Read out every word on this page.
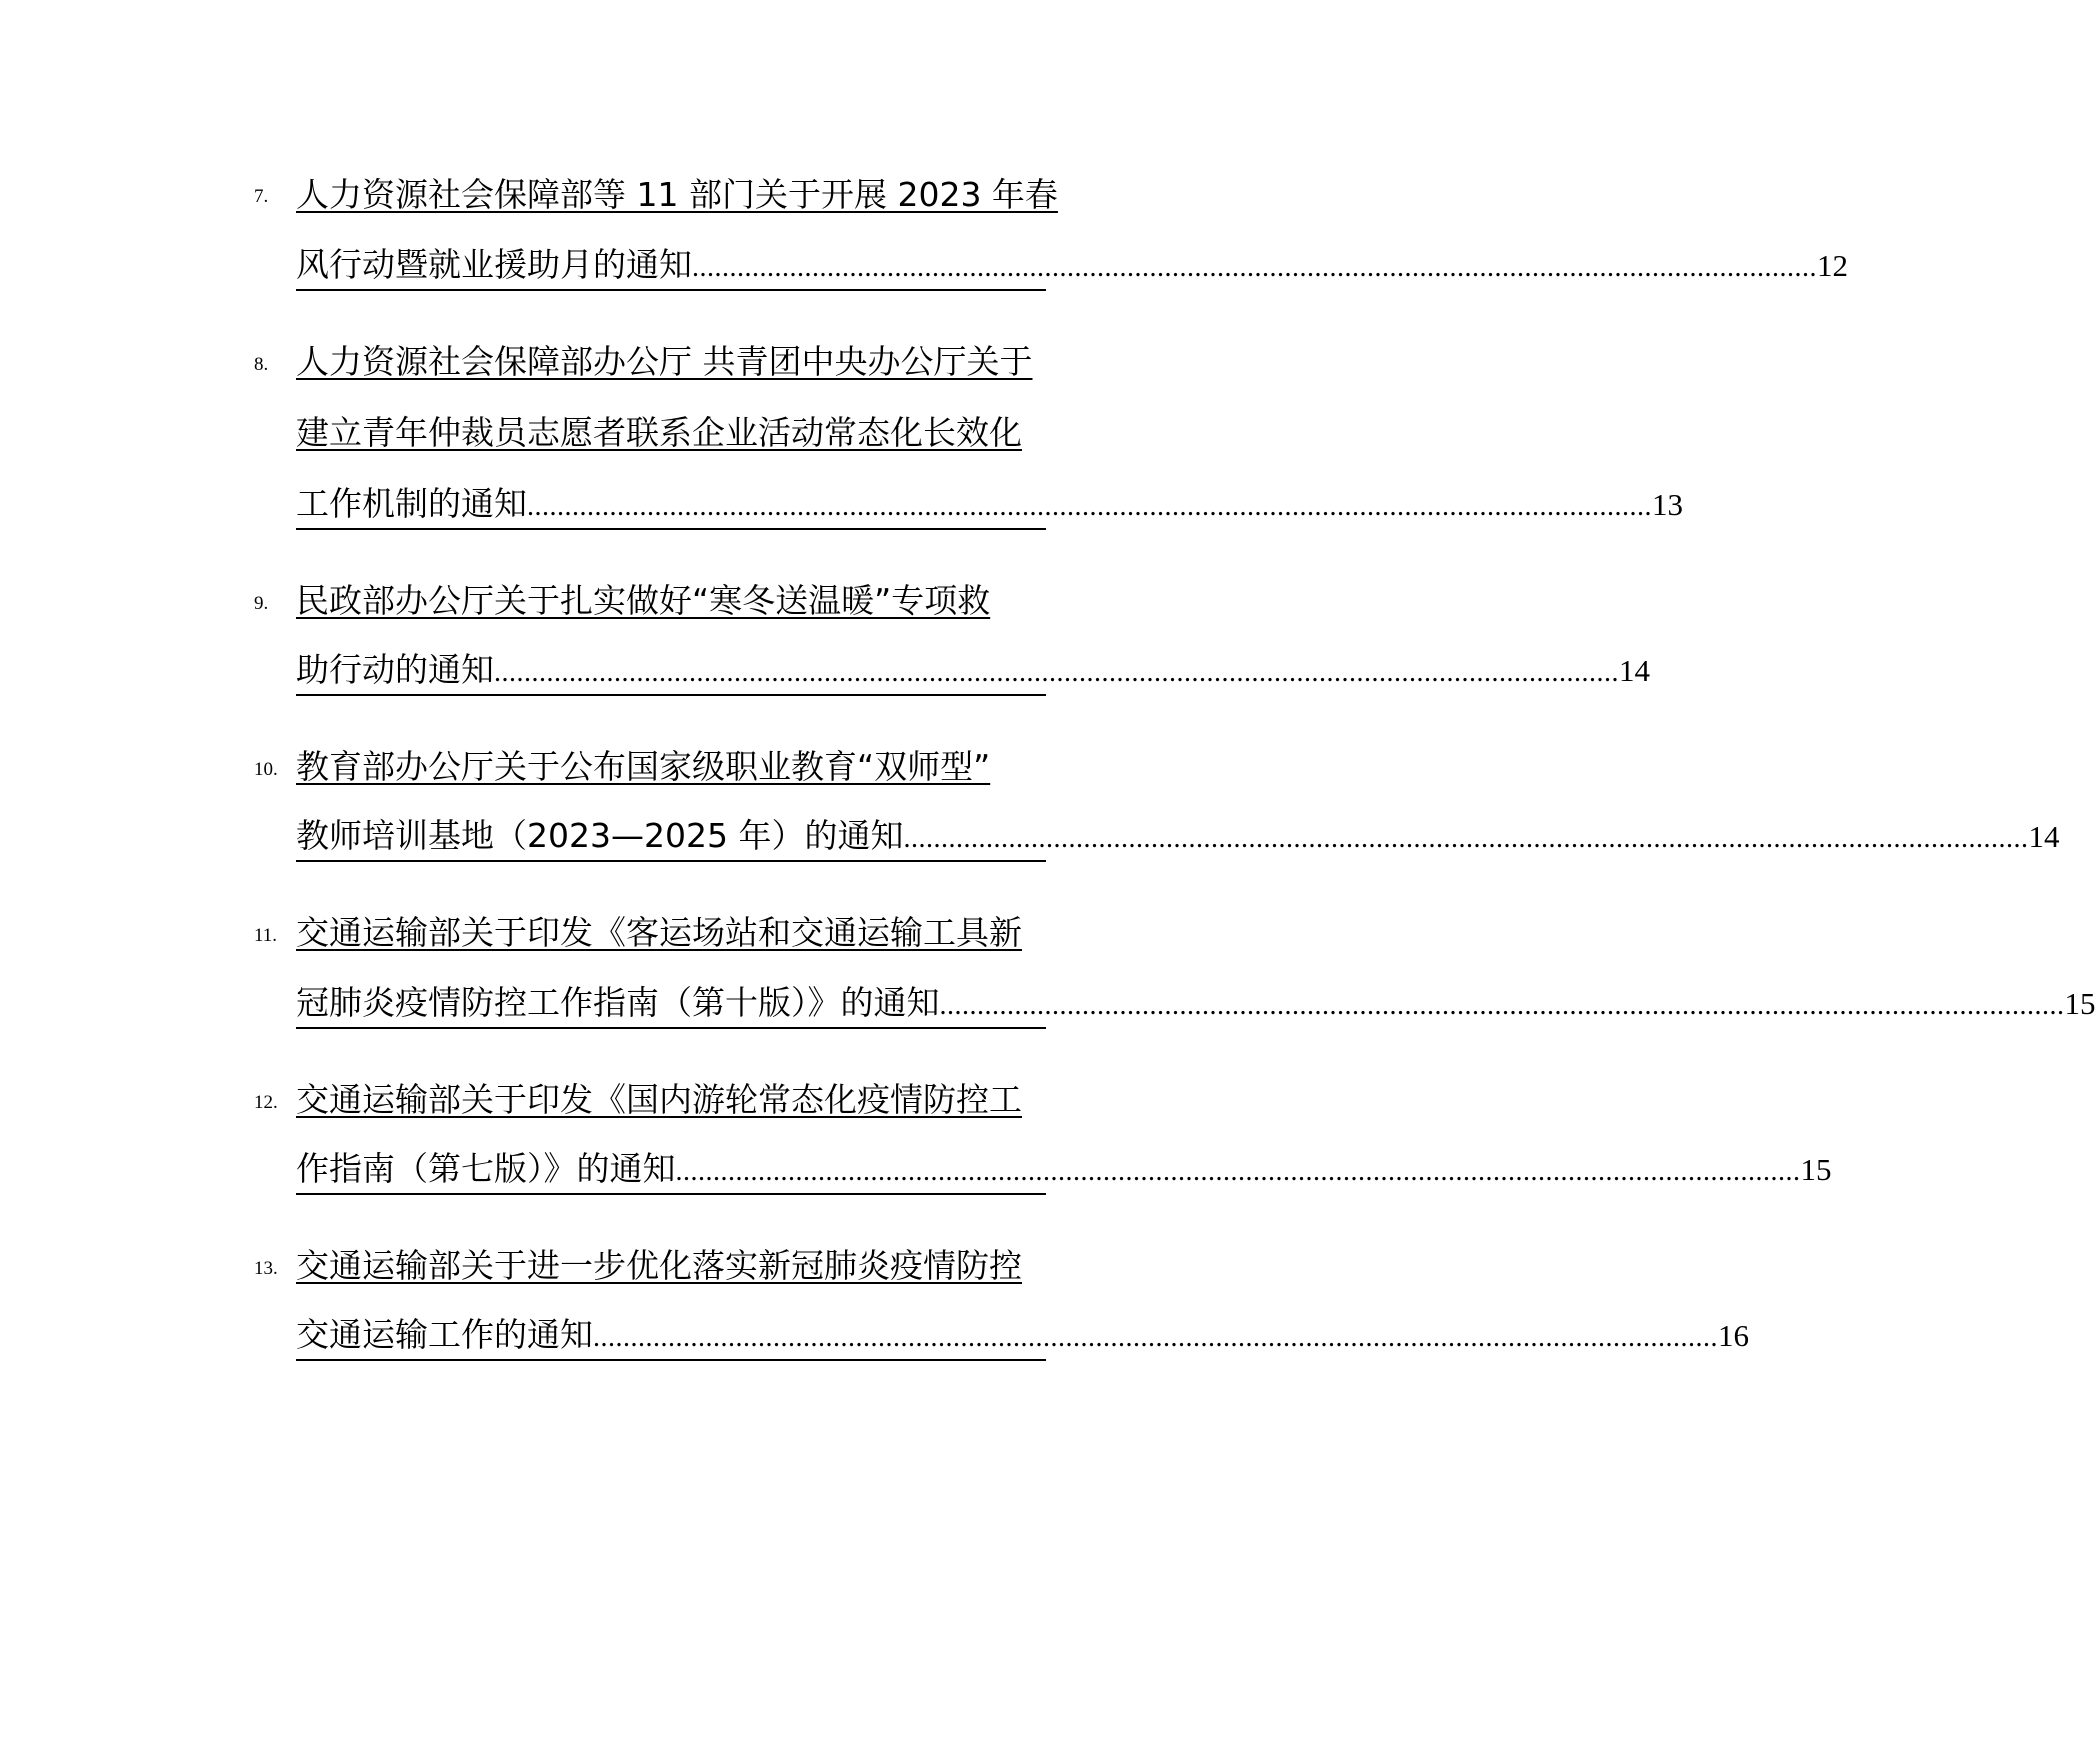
7. 人力资源社会保障部等 11 部门关于开展 2023 年春
风行动暨就业援助月的通知 ...................................................................................................................................................... 12
8. 人力资源社会保障部办公厅 共青团中央办公厅关于
建立青年仲裁员志愿者联系企业活动常态化长效化
工作机制的通知 ...................................................................................................................................................... 13
9. 民政部办公厅关于扎实做好“寒冬送温暖”专项救
助行动的通知 ...................................................................................................................................................... 14
10. 教育部办公厅关于公布国家级职业教育“双师型”
教师培训基地（2023—2025 年）的通知 ...................................................................................................................................................... 14
11. 交通运输部关于印发《客运场站和交通运输工具新
冠肺炎疫情防控工作指南（第十版）》的通知 ...................................................................................................................................................... 15
12. 交通运输部关于印发《国内游轮常态化疫情防控工
作指南（第七版）》的通知 ...................................................................................................................................................... 15
13. 交通运输部关于进一步优化落实新冠肺炎疫情防控
交通运输工作的通知 ...................................................................................................................................................... 16
